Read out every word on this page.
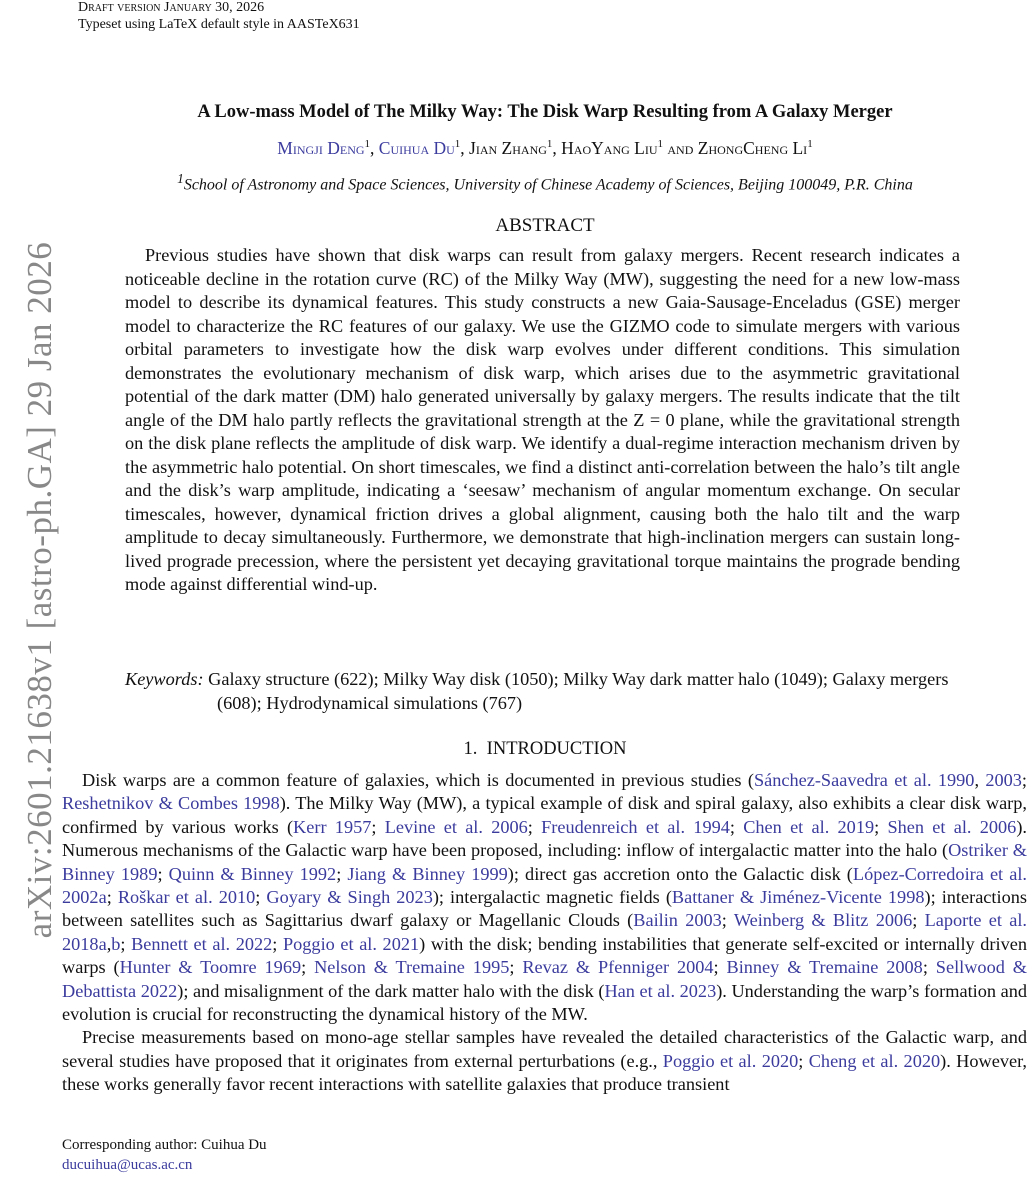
Draft version January 30, 2026
Typeset using LaTeX default style in AASTeX631
arXiv:2601.21638v1 [astro-ph.GA] 29 Jan 2026
A Low-mass Model of The Milky Way: The Disk Warp Resulting from A Galaxy Merger
Mingji Deng$^1$, Cuihua Du$^1$, Jian Zhang$^1$, HaoYang Liu$^1$ and ZhongCheng Li$^1$
$^1$School of Astronomy and Space Sciences, University of Chinese Academy of Sciences, Beijing 100049, P.R. China
ABSTRACT
Previous studies have shown that disk warps can result from galaxy mergers. Recent research indicates a noticeable decline in the rotation curve (RC) of the Milky Way (MW), suggesting the need for a new low-mass model to describe its dynamical features. This study constructs a new Gaia-Sausage-Enceladus (GSE) merger model to characterize the RC features of our galaxy. We use the GIZMO code to simulate mergers with various orbital parameters to investigate how the disk warp evolves under different conditions. This simulation demonstrates the evolutionary mechanism of disk warp, which arises due to the asymmetric gravitational potential of the dark matter (DM) halo generated universally by galaxy mergers. The results indicate that the tilt angle of the DM halo partly reflects the gravitational strength at the Z = 0 plane, while the gravitational strength on the disk plane reflects the amplitude of disk warp. We identify a dual-regime interaction mechanism driven by the asymmetric halo potential. On short timescales, we find a distinct anti-correlation between the halo’s tilt angle and the disk’s warp amplitude, indicating a ‘seesaw’ mechanism of angular momentum exchange. On secular timescales, however, dynamical friction drives a global alignment, causing both the halo tilt and the warp amplitude to decay simultaneously. Furthermore, we demonstrate that high-inclination mergers can sustain long-lived prograde precession, where the persistent yet decaying gravitational torque maintains the prograde bending mode against differential wind-up.
Keywords: Galaxy structure (622); Milky Way disk (1050); Milky Way dark matter halo (1049); Galaxy mergers (608); Hydrodynamical simulations (767)
1. INTRODUCTION

Disk warps are a common feature of galaxies, which is documented in previous studies (Sánchez-Saavedra et al. 1990, 2003; Reshetnikov & Combes 1998). The Milky Way (MW), a typical example of disk and spiral galaxy, also exhibits a clear disk warp, confirmed by various works (Kerr 1957; Levine et al. 2006; Freudenreich et al. 1994; Chen et al. 2019; Shen et al. 2006). Numerous mechanisms of the Galactic warp have been proposed, including: inflow of intergalactic matter into the halo (Ostriker & Binney 1989; Quinn & Binney 1992; Jiang & Binney 1999); direct gas accretion onto the Galactic disk (López-Corredoira et al. 2002a; Roškar et al. 2010; Goyary & Singh 2023); intergalactic magnetic fields (Battaner & Jiménez-Vicente 1998); interactions between satellites such as Sagittarius dwarf galaxy or Magellanic Clouds (Bailin 2003; Weinberg & Blitz 2006; Laporte et al. 2018a,b; Bennett et al. 2022; Poggio et al. 2021) with the disk; bending instabilities that generate self-excited or internally driven warps (Hunter & Toomre 1969; Nelson & Tremaine 1995; Revaz & Pfenniger 2004; Binney & Tremaine 2008; Sellwood & Debattista 2022); and misalignment of the dark matter halo with the disk (Han et al. 2023). Understanding the warp’s formation and evolution is crucial for reconstructing the dynamical history of the MW.

Precise measurements based on mono-age stellar samples have revealed the detailed characteristics of the Galactic warp, and several studies have proposed that it originates from external perturbations (e.g., Poggio et al. 2020; Cheng et al. 2020). However, these works generally favor recent interactions with satellite galaxies that produce transient

Corresponding author: Cuihua Du
ducuihua@ucas.ac.cn
